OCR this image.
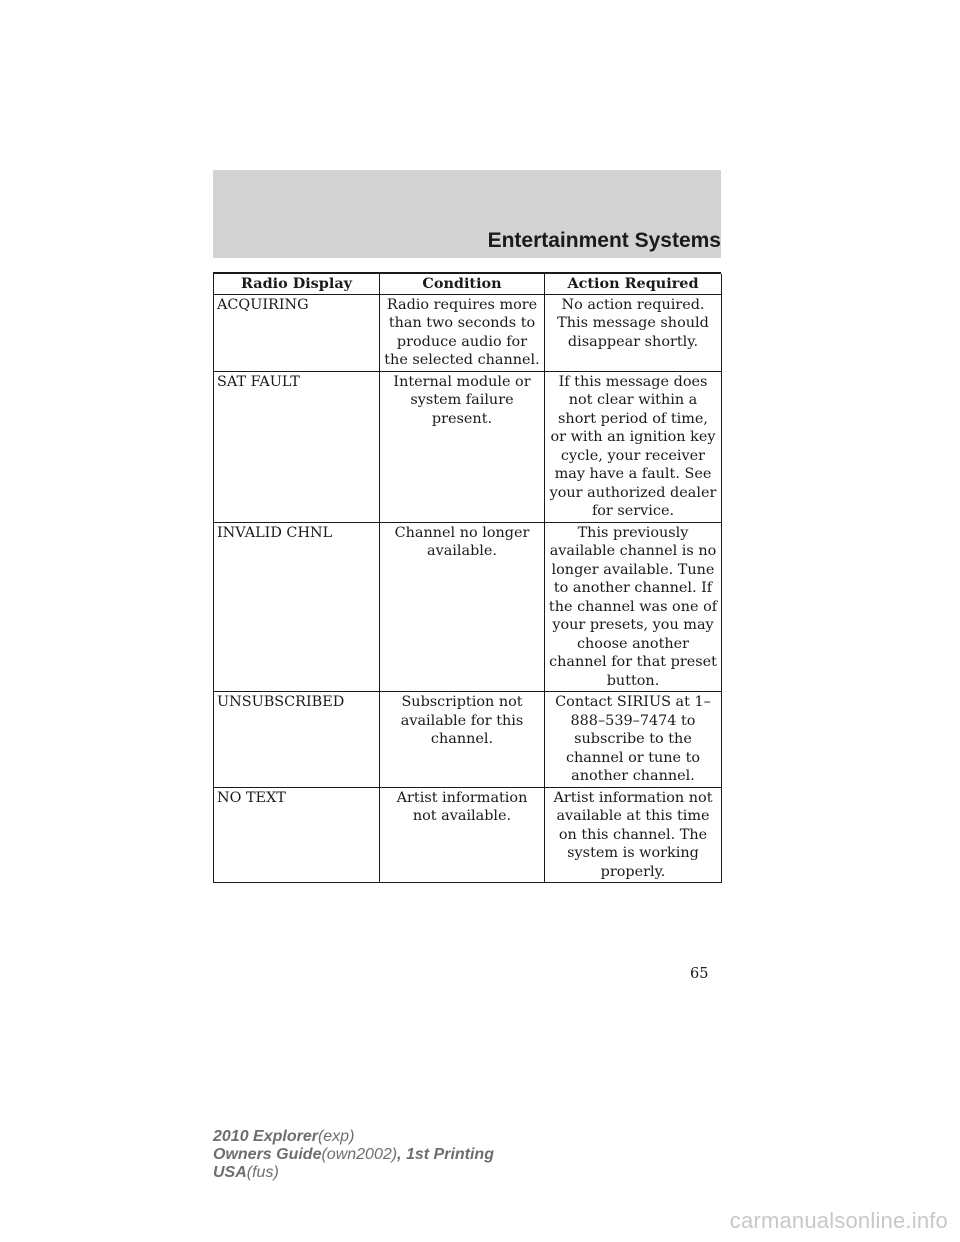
Entertainment Systems
Radio Display	Condition	Action Required
ACQUIRING	Radio requires more than two seconds to produce audio for the selected channel.	No action required. This message should disappear shortly.
SAT FAULT	Internal module or system failure present.	If this message does not clear within a short period of time, or with an ignition key cycle, your receiver may have a fault. See your authorized dealer for service.
INVALID CHNL	Channel no longer available.	This previously available channel is no longer available. Tune to another channel. If the channel was one of your presets, you may choose another channel for that preset button.
UNSUBSCRIBED	Subscription not available for this channel.	Contact SIRIUS at 1–888–539–7474 to subscribe to the channel or tune to another channel.
NO TEXT	Artist information not available.	Artist information not available at this time on this channel. The system is working properly.
65
2010 Explorer(exp)
Owners Guide(own2002), 1st Printing
USA(fus)
carmanualsonline.info
